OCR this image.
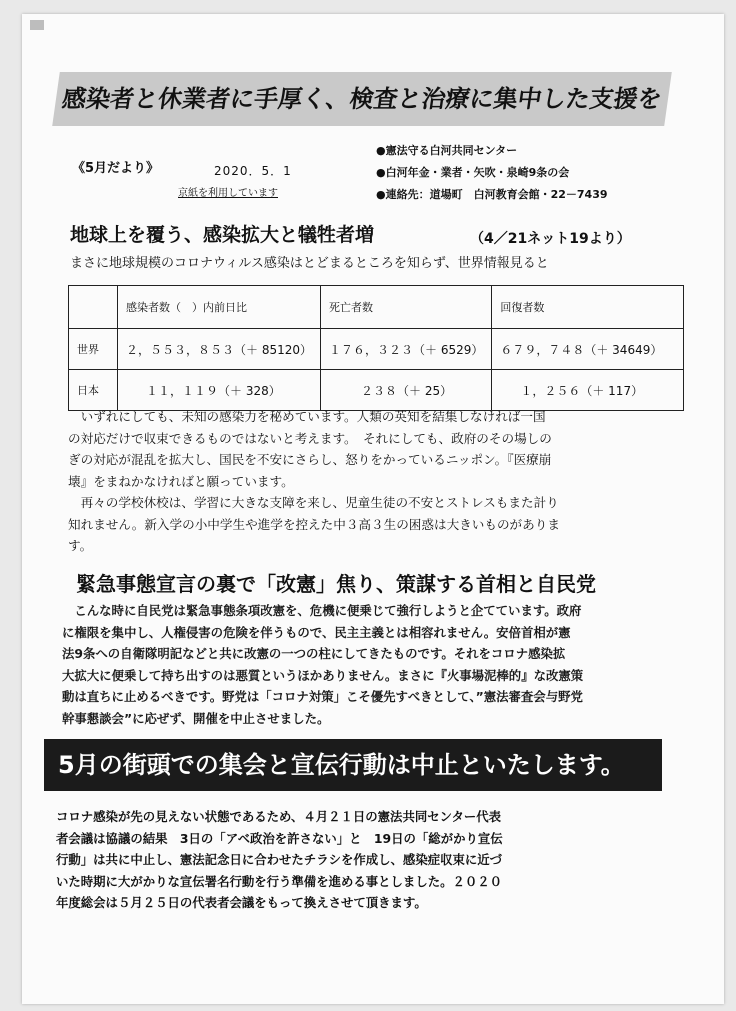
感染者と休業者に手厚く、検査と治療に集中した支援を
●憲法守る白河共同センター
●白河年金・業者・矢吹・泉崎9条の会
●連絡先：道場町　白河教育会館・22－7439
《5月だより》	2020．5．1
京紙を利用しています
地球上を覆う、感染拡大と犠牲者増	（4／21ネット19より）
まさに地球規模のコロナウィルス感染はとどまるところを知らず、世界情報見ると
	感染者数（　）内前日比	死亡者数	回復者数
世界	２，５５３，８５３（＋ 85120）	１７６，３２３（＋ 6529）	６７９，７４８（＋ 34649）
日本	１１，１１９（＋ 328）	２３８（＋ 25）	１，２５６（＋ 117）
　いずれにしても、未知の感染力を秘めています。人類の英知を結集しなければ一国
の対応だけで収束できるものではないと考えます。　それにしても、政府のその場しの
ぎの対応が混乱を拡大し、国民を不安にさらし、怒りをかっているニッポン。『医療崩
壊』をまねかなければと願っています。
　再々の学校休校は、学習に大きな支障を来し、児童生徒の不安とストレスもまた計り
知れません。新入学の小中学生や進学を控えた中３高３生の困惑は大きいものがありま
す。
緊急事態宣言の裏で「改憲」焦り、策謀する首相と自民党
　こんな時に自民党は緊急事態条項改憲を、危機に便乗じて強行しようと企てています。政府
に権限を集中し、人権侵害の危険を伴うもので、民主主義とは相容れません。安倍首相が憲
法9条への自衛隊明記などと共に改憲の一つの柱にしてきたものです。それをコロナ感染拡
大拡大に便乗して持ち出すのは悪質というほかありません。まさに『火事場泥棒的』な改憲策
動は直ちに止めるべきです。野党は「コロナ対策」こそ優先すべきとして、”憲法審査会与野党
幹事懇談会”に応ぜず、開催を中止させました。
5月の街頭での集会と宣伝行動は中止といたします。
コロナ感染が先の見えない状態であるため、４月２１日の憲法共同センター代表
者会議は協議の結果　3日の「アベ政治を許さない」と　19日の「総がかり宣伝
行動」は共に中止し、憲法記念日に合わせたチラシを作成し、感染症収束に近づ
いた時期に大がかりな宣伝署名行動を行う準備を進める事としました。２０２０
年度総会は５月２５日の代表者会議をもって換えさせて頂きます。
